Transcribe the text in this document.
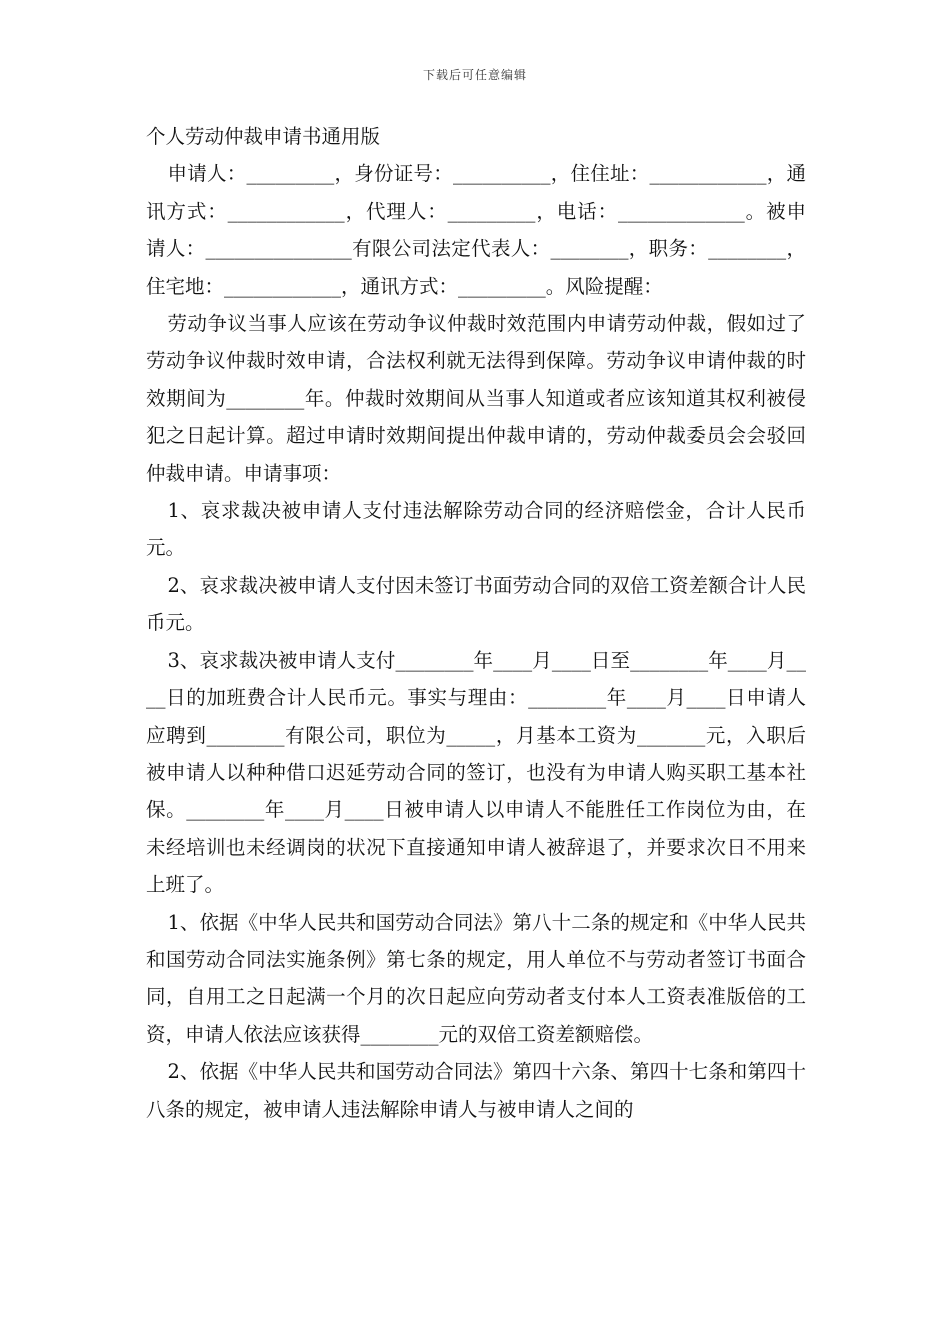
下载后可任意编辑
个人劳动仲裁申请书通用版

申请人：_________，身份证号：__________，住住址：____________，通讯方式：____________，代理人：_________，电话：_____________。被申请人：_______________有限公司法定代表人：________，职务：________，住宅地：____________，通讯方式：_________。风险提醒：

劳动争议当事人应该在劳动争议仲裁时效范围内申请劳动仲裁，假如过了劳动争议仲裁时效申请，合法权利就无法得到保障。劳动争议申请仲裁的时效期间为________年。仲裁时效期间从当事人知道或者应该知道其权利被侵犯之日起计算。超过申请时效期间提出仲裁申请的，劳动仲裁委员会会驳回仲裁申请。申请事项：

1、哀求裁决被申请人支付违法解除劳动合同的经济赔偿金，合计人民币元。

2、哀求裁决被申请人支付因未签订书面劳动合同的双倍工资差额合计人民币元。

3、哀求裁决被申请人支付________年____月____日至________年____月____日的加班费合计人民币元。事实与理由：________年____月____日申请人应聘到________有限公司，职位为_____，月基本工资为_______元，入职后被申请人以种种借口迟延劳动合同的签订，也没有为申请人购买职工基本社保。________年____月____日被申请人以申请人不能胜任工作岗位为由，在未经培训也未经调岗的状况下直接通知申请人被辞退了，并要求次日不用来上班了。

1、依据《中华人民共和国劳动合同法》第八十二条的规定和《中华人民共和国劳动合同法实施条例》第七条的规定，用人单位不与劳动者签订书面合同，自用工之日起满一个月的次日起应向劳动者支付本人工资表准版倍的工资，申请人依法应该获得________元的双倍工资差额赔偿。

2、依据《中华人民共和国劳动合同法》第四十六条、第四十七条和第四十八条的规定，被申请人违法解除申请人与被申请人之间的
